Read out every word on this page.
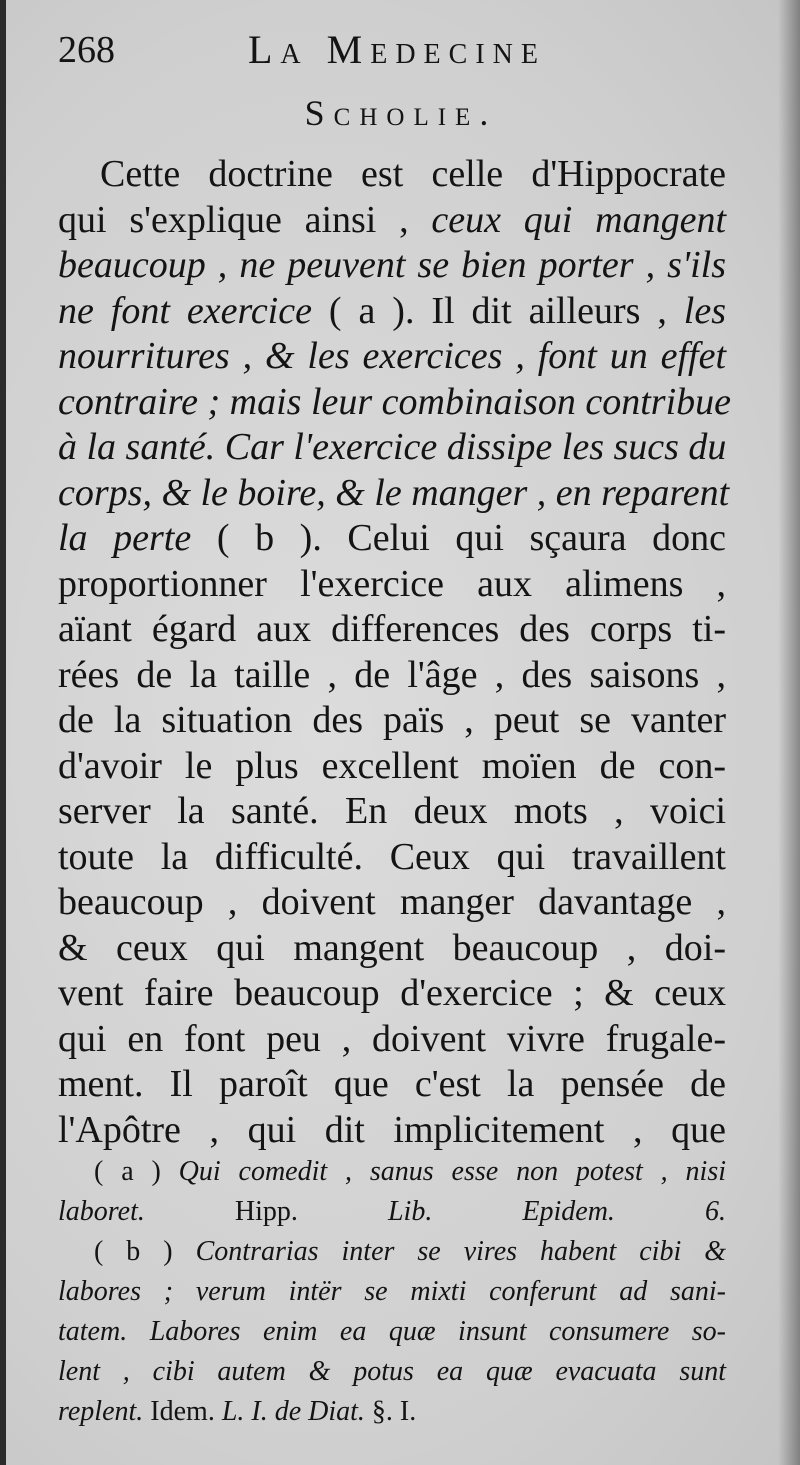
268	La Medecine
Scholie.
Cette doctrine est celle d'Hippocrate
qui s'explique ainsi , ceux qui mangent
beaucoup , ne peuvent se bien porter , s'ils
ne font exercice ( a ). Il dit ailleurs , les
nourritures , & les exercices , font un effet
contraire ; mais leur combinaison contribue
à la santé. Car l'exercice dissipe les sucs du
corps, & le boire, & le manger , en reparent
la perte ( b ). Celui qui sçaura donc
proportionner l'exercice aux alimens ,
aïant égard aux differences des corps ti-
rées de la taille , de l'âge , des saisons ,
de la situation des païs , peut se vanter
d'avoir le plus excellent moïen de con-
server la santé. En deux mots , voici
toute la difficulté. Ceux qui travaillent
beaucoup , doivent manger davantage ,
& ceux qui mangent beaucoup , doi-
vent faire beaucoup d'exercice ; & ceux
qui en font peu , doivent vivre frugale-
ment. Il paroît que c'est la pensée de
l'Apôtre , qui dit implicitement , que
( a ) Qui comedit , sanus esse non potest , nisi
laboret. Hipp. Lib. Epidem. 6.
( b ) Contrarias inter se vires habent cibi &
labores ; verum intër se mixti conferunt ad sani-
tatem. Labores enim ea quæ insunt consumere so-
lent , cibi autem & potus ea quæ evacuata sunt
replent. Idem. L. I. de Diat. §. I.
